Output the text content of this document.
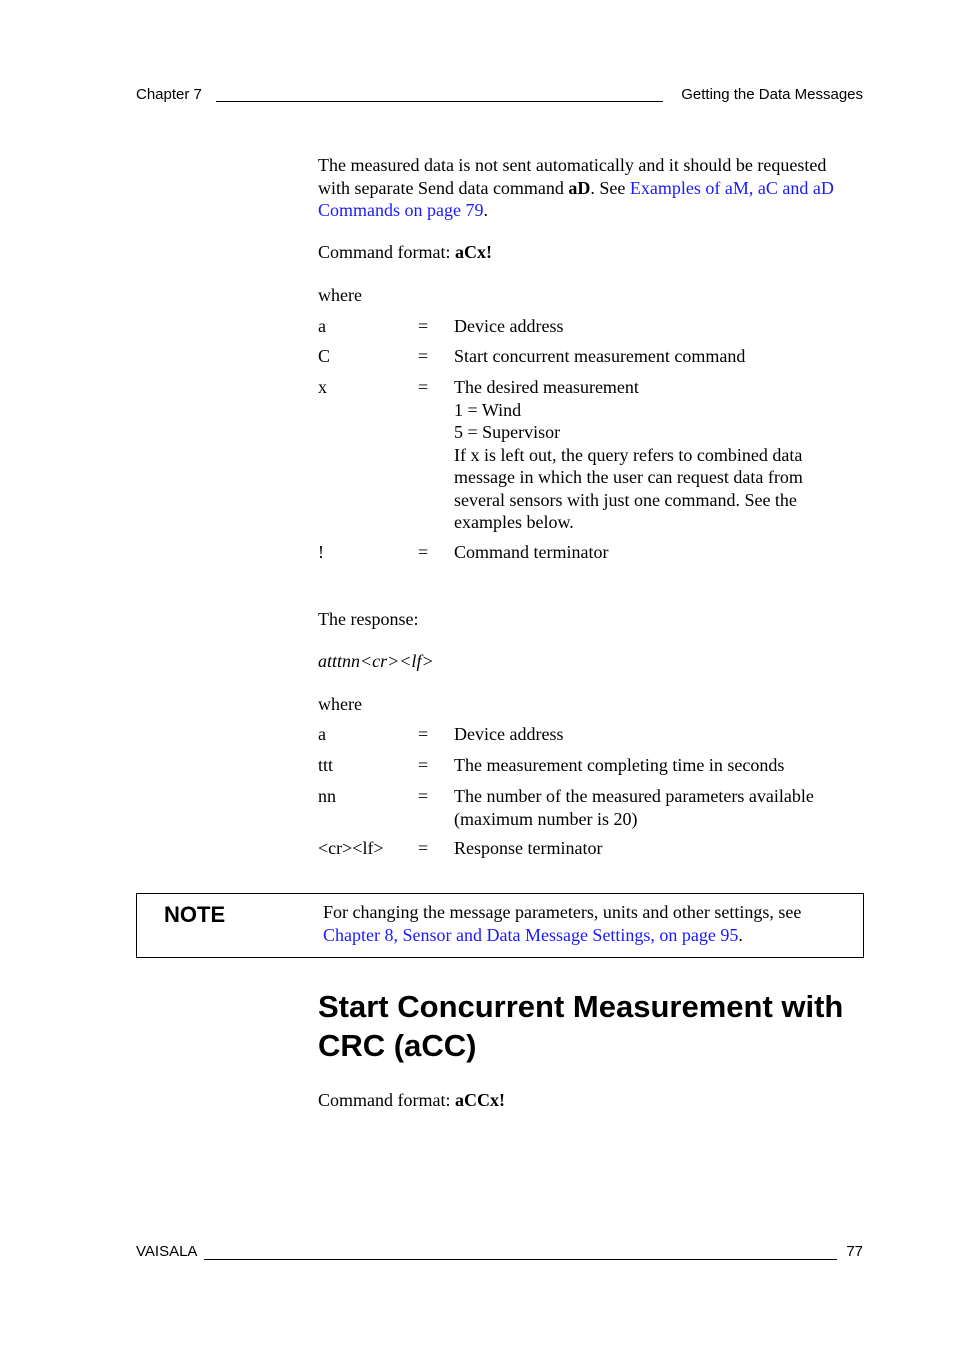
Chapter 7	Getting the Data Messages
The measured data is not sent automatically and it should be requested
with separate Send data command aD. See Examples of aM, aC and aD
Commands on page 79.
Command format: aCx!
where
a	= Device address
C	= Start concurrent measurement command
x	= The desired measurement
1 = Wind
5 = Supervisor
If x is left out, the query refers to combined data
message in which the user can request data from
several sensors with just one command. See the
examples below.
!	= Command terminator
The response:
atttnn<cr><lf>
where
a	= Device address
ttt	= The measurement completing time in seconds
nn	= The number of the measured parameters available
(maximum number is 20)
<cr><lf> = Response terminator
NOTE	For changing the message parameters, units and other settings, see
Chapter 8, Sensor and Data Message Settings, on page 95.
Start Concurrent Measurement with
CRC (aCC)
Command format: aCCx!
VAISALA	77
